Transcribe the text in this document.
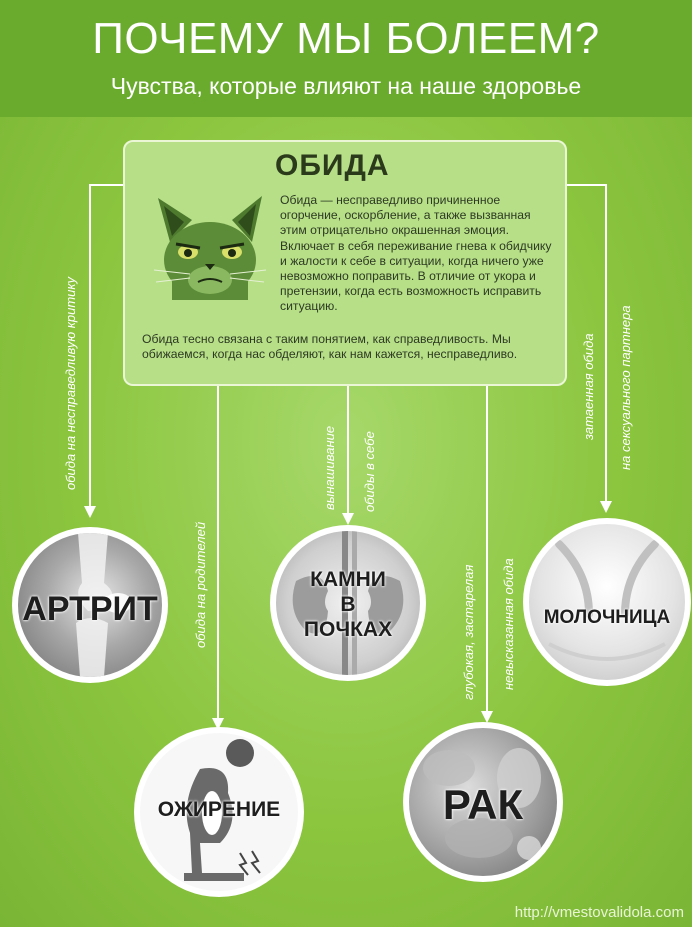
ПОЧЕМУ МЫ БОЛЕЕМ?
Чувства, которые влияют на наше здоровье
ОБИДА
Обида — несправедливо причиненное огорчение, оскорбление, а также вызванная этим отрицательно окрашенная эмоция. Включает в себя переживание гнева к обидчику и жалости к себе в ситуации, когда ничего уже невозможно поправить. В отличие от укора и претензии, когда есть возможность исправить ситуацию.
Обида тесно связана с таким понятием, как справедливость. Мы обижаемся, когда нас обделяют, как нам кажется, несправедливо.
обида на несправедливую критику
обида на родителей
вынашивание обиды в себе
глубокая, застарелая невысказанная обида
затаенная обида на сексуального партнера
АРТРИТ
КАМНИ
В
ПОЧКАХ
МОЛОЧНИЦА
ОЖИРЕНИЕ	РАК
http://vmestovalidola.com
